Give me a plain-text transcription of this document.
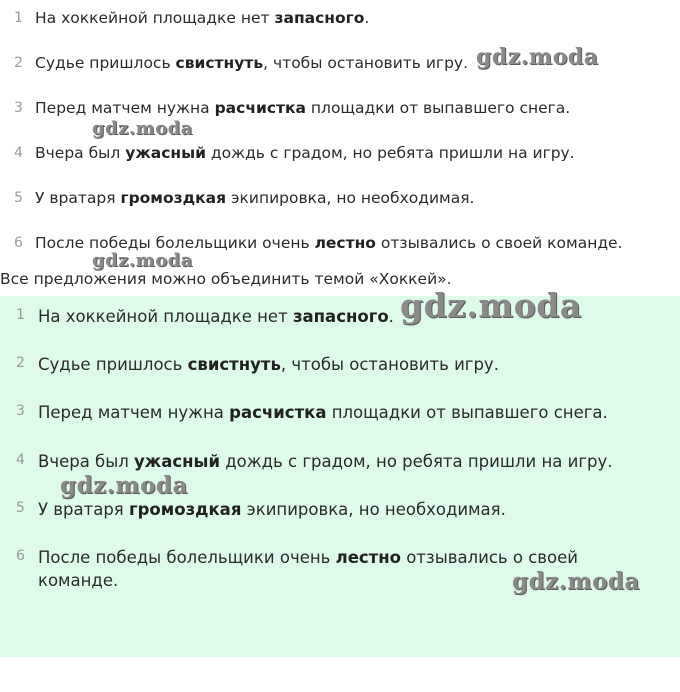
1 На хоккейной площадке нет запасного.
2 Судье пришлось свистнуть, чтобы остановить игру.
3 Перед матчем нужна расчистка площадки от выпавшего снега.
4 Вчера был ужасный дождь с градом, но ребята пришли на игру.
5 У вратаря громоздкая экипировка, но необходимая.
6 После победы болельщики очень лестно отзывались о своей команде.
Все предложения можно объединить темой «Хоккей».
1 На хоккейной площадке нет запасного.
2 Судье пришлось свистнуть, чтобы остановить игру.
3 Перед матчем нужна расчистка площадки от выпавшего снега.
4 Вчера был ужасный дождь с градом, но ребята пришли на игру.
5 У вратаря громоздкая экипировка, но необходимая.
6 После победы болельщики очень лестно отзывались о своей
команде.
gdz.moda
gdz.moda
gdz.moda
gdz.moda
gdz.moda
gdz.moda
